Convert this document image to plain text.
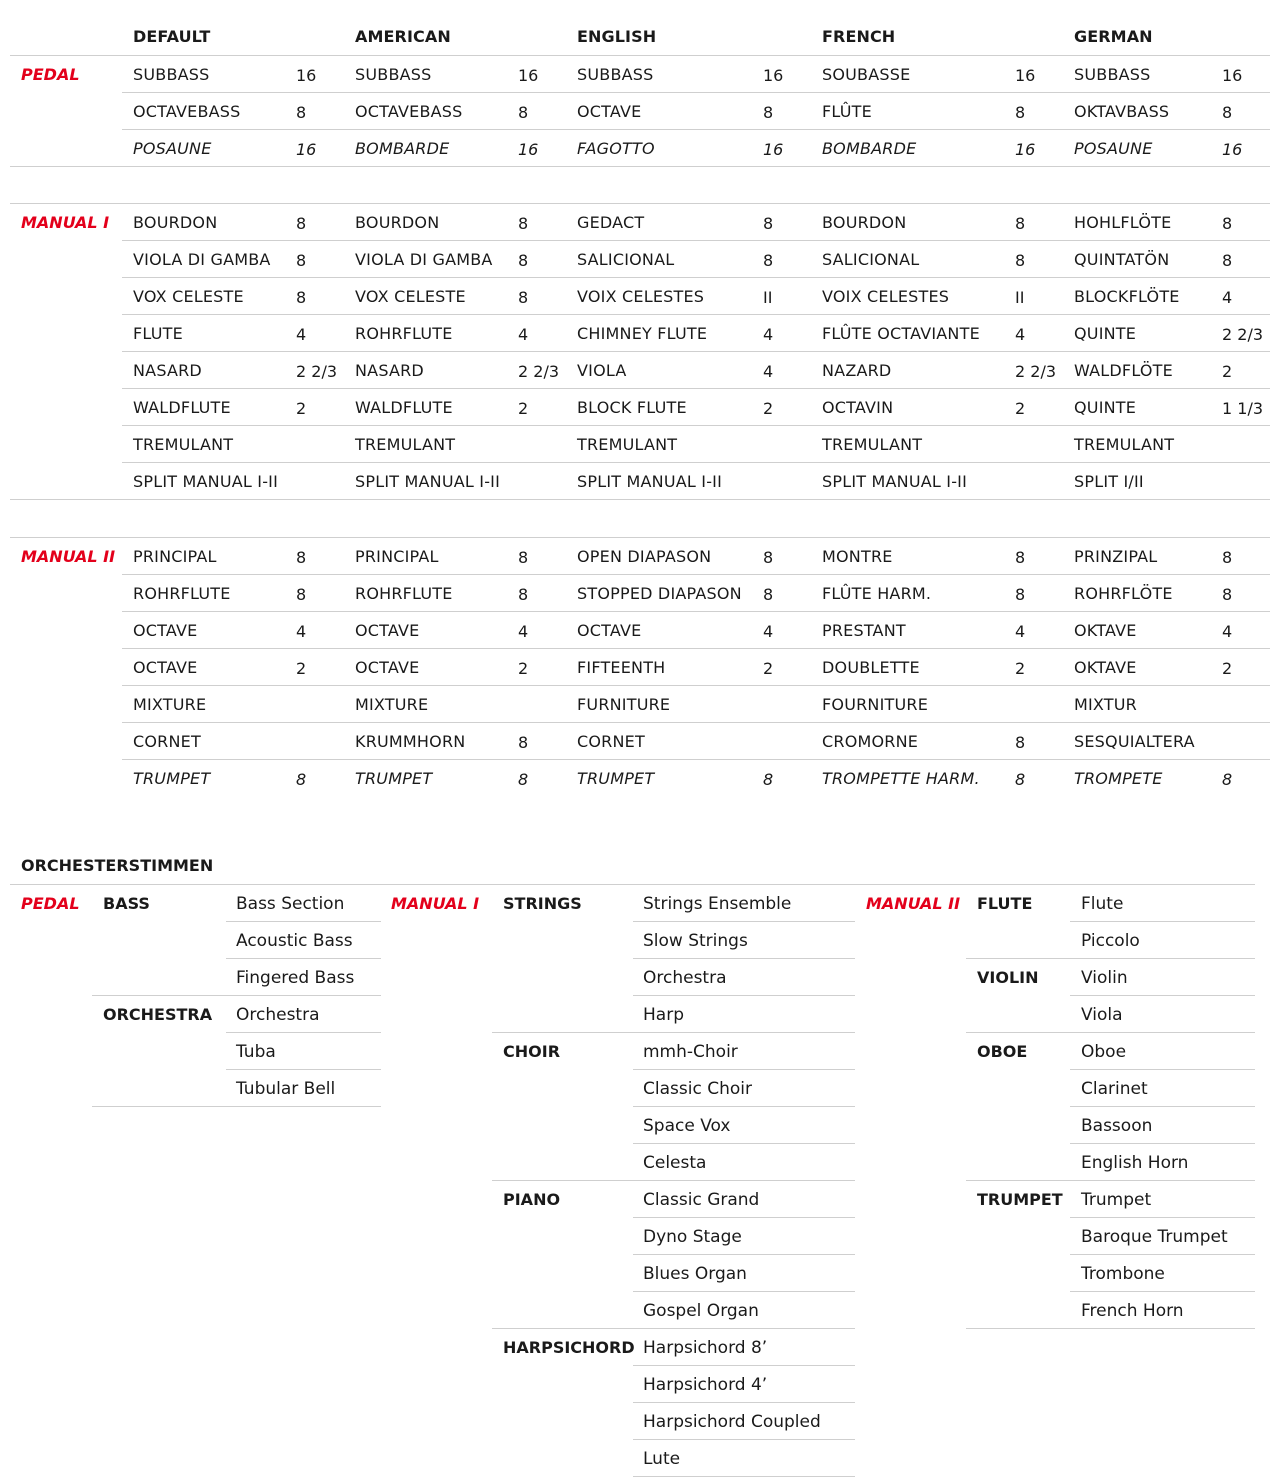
DEFAULT	AMERICAN	ENGLISH	FRENCH	GERMAN
PEDAL	SUBBASS	16 SUBBASS	16 SUBBASS	16 SOUBASSE	16 SUBBASS	16
OCTAVEBASS	8	OCTAVEBASS	8	OCTAVE	8	FLÛTE	8	OKTAVBASS	8
POSAUNE	16 BOMBARDE	16 FAGOTTO	16 BOMBARDE	16 POSAUNE	16
MANUAL I BOURDON	8	BOURDON	8	GEDACT	8	BOURDON	8	HOHLFLÖTE	8
VIOLA DI GAMBA 8	VIOLA DI GAMBA 8	SALICIONAL	8	SALICIONAL	8	QUINTATÖN	8
VOX CELESTE	8	VOX CELESTE	8	VOIX CELESTES	II	VOIX CELESTES	II	BLOCKFLÖTE	4
FLUTE	4	ROHRFLUTE	4	CHIMNEY FLUTE	4	FLÛTE OCTAVIANTE 4	QUINTE	2 2/3
NASARD	2 2/3 NASARD	2 2/3 VIOLA	4	NAZARD	2 2/3 WALDFLÖTE	2
WALDFLUTE	2	WALDFLUTE	2	BLOCK FLUTE	2	OCTAVIN	2	QUINTE	1 1/3
TREMULANT	TREMULANT	TREMULANT	TREMULANT	TREMULANT
SPLIT MANUAL I-II	SPLIT MANUAL I-II	SPLIT MANUAL I-II	SPLIT MANUAL I-II	SPLIT I/II
MANUAL II PRINCIPAL	8	PRINCIPAL	8	OPEN DIAPASON	8	MONTRE	8	PRINZIPAL	8
ROHRFLUTE	8	ROHRFLUTE	8	STOPPED DIAPASON 8	FLÛTE HARM.	8	ROHRFLÖTE	8
OCTAVE	4	OCTAVE	4	OCTAVE	4	PRESTANT	4	OKTAVE	4
OCTAVE	2	OCTAVE	2	FIFTEENTH	2	DOUBLETTE	2	OKTAVE	2
MIXTURE	MIXTURE	FURNITURE	FOURNITURE	MIXTUR
CORNET	KRUMMHORN	8	CORNET	CROMORNE	8	SESQUIALTERA
TRUMPET	8	TRUMPET	8	TRUMPET	8	TROMPETTE HARM. 8	TROMPETE	8
ORCHESTERSTIMMEN
PEDAL BASS	Bass Section
Acoustic Bass
Fingered Bass
ORCHESTRA Orchestra
Tuba
Tubular Bell
MANUAL I STRINGS	Strings Ensemble
Slow Strings
Orchestra
Harp
CHOIR	mmh-Choir
Classic Choir
Space Vox
Celesta
PIANO	Classic Grand
Dyno Stage
Blues Organ
Gospel Organ
HARPSICHORD Harpsichord 8’
Harpsichord 4’
Harpsichord Coupled
Lute
MANUAL II FLUTE	Flute
Piccolo
VIOLIN	Violin
Viola
OBOE	Oboe
Clarinet
Bassoon
English Horn
TRUMPET Trumpet
Baroque Trumpet
Trombone
French Horn
